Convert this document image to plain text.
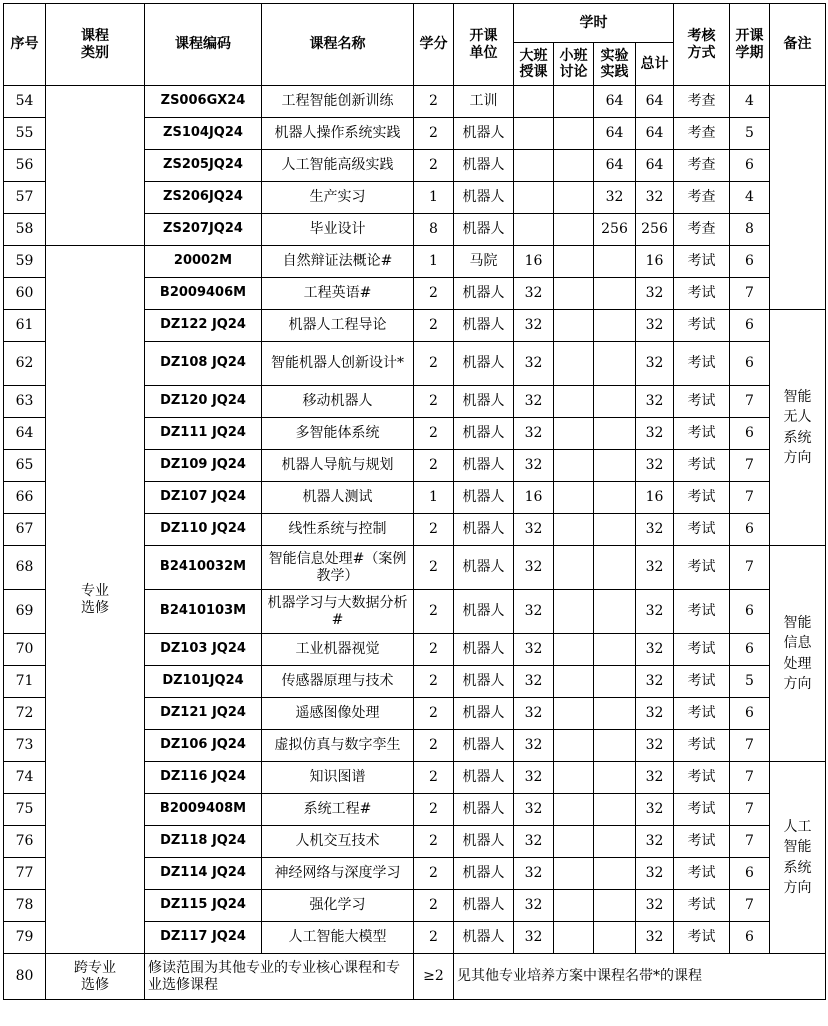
序号	课程类别	课程编码	课程名称	学分	开课单位	学时				考核方式	开课学期	备注
						大班授课	小班讨论	实验实践	总计			
54		ZS006GX24	工程智能创新训练	2	工训			64	64	考查	4	
55		ZS104JQ24	机器人操作系统实践	2	机器人			64	64	考查	5	
56		ZS205JQ24	人工智能高级实践	2	机器人			64	64	考查	6	
57		ZS206JQ24	生产实习	1	机器人			32	32	考查	4	
58		ZS207JQ24	毕业设计	8	机器人			256	256	考查	8	
59	专业选修	20002M	自然辩证法概论#	1	马院	16			16	考试	6	
60		B2009406M	工程英语#	2	机器人	32			32	考试	7	
61		DZ122 JQ24	机器人工程导论	2	机器人	32			32	考试	6	智能无人系统方向
62		DZ108 JQ24	智能机器人创新设计*	2	机器人	32			32	考试	6	
63		DZ120 JQ24	移动机器人	2	机器人	32			32	考试	7	
64		DZ111 JQ24	多智能体系统	2	机器人	32			32	考试	6	
65		DZ109 JQ24	机器人导航与规划	2	机器人	32			32	考试	7	
66		DZ107 JQ24	机器人测试	1	机器人	16			16	考试	7	
67		DZ110 JQ24	线性系统与控制	2	机器人	32			32	考试	6	
68		B2410032M	智能信息处理#（案例教学）	2	机器人	32			32	考试	7	智能信息处理方向
69		B2410103M	机器学习与大数据分析#	2	机器人	32			32	考试	6	
70		DZ103 JQ24	工业机器视觉	2	机器人	32			32	考试	6	
71		DZ101JQ24	传感器原理与技术	2	机器人	32			32	考试	5	
72		DZ121 JQ24	遥感图像处理	2	机器人	32			32	考试	6	
73		DZ106 JQ24	虚拟仿真与数字孪生	2	机器人	32			32	考试	7	
74		DZ116 JQ24	知识图谱	2	机器人	32			32	考试	7	人工智能系统方向
75		B2009408M	系统工程#	2	机器人	32			32	考试	7	
76		DZ118 JQ24	人机交互技术	2	机器人	32			32	考试	7	
77		DZ114 JQ24	神经网络与深度学习	2	机器人	32			32	考试	6	
78		DZ115 JQ24	强化学习	2	机器人	32			32	考试	7	
79		DZ117 JQ24	人工智能大模型	2	机器人	32			32	考试	6	
80	跨专业选修	修读范围为其他专业的专业核心课程和专业选修课程		≥2	见其他专业培养方案中课程名带*的课程							
